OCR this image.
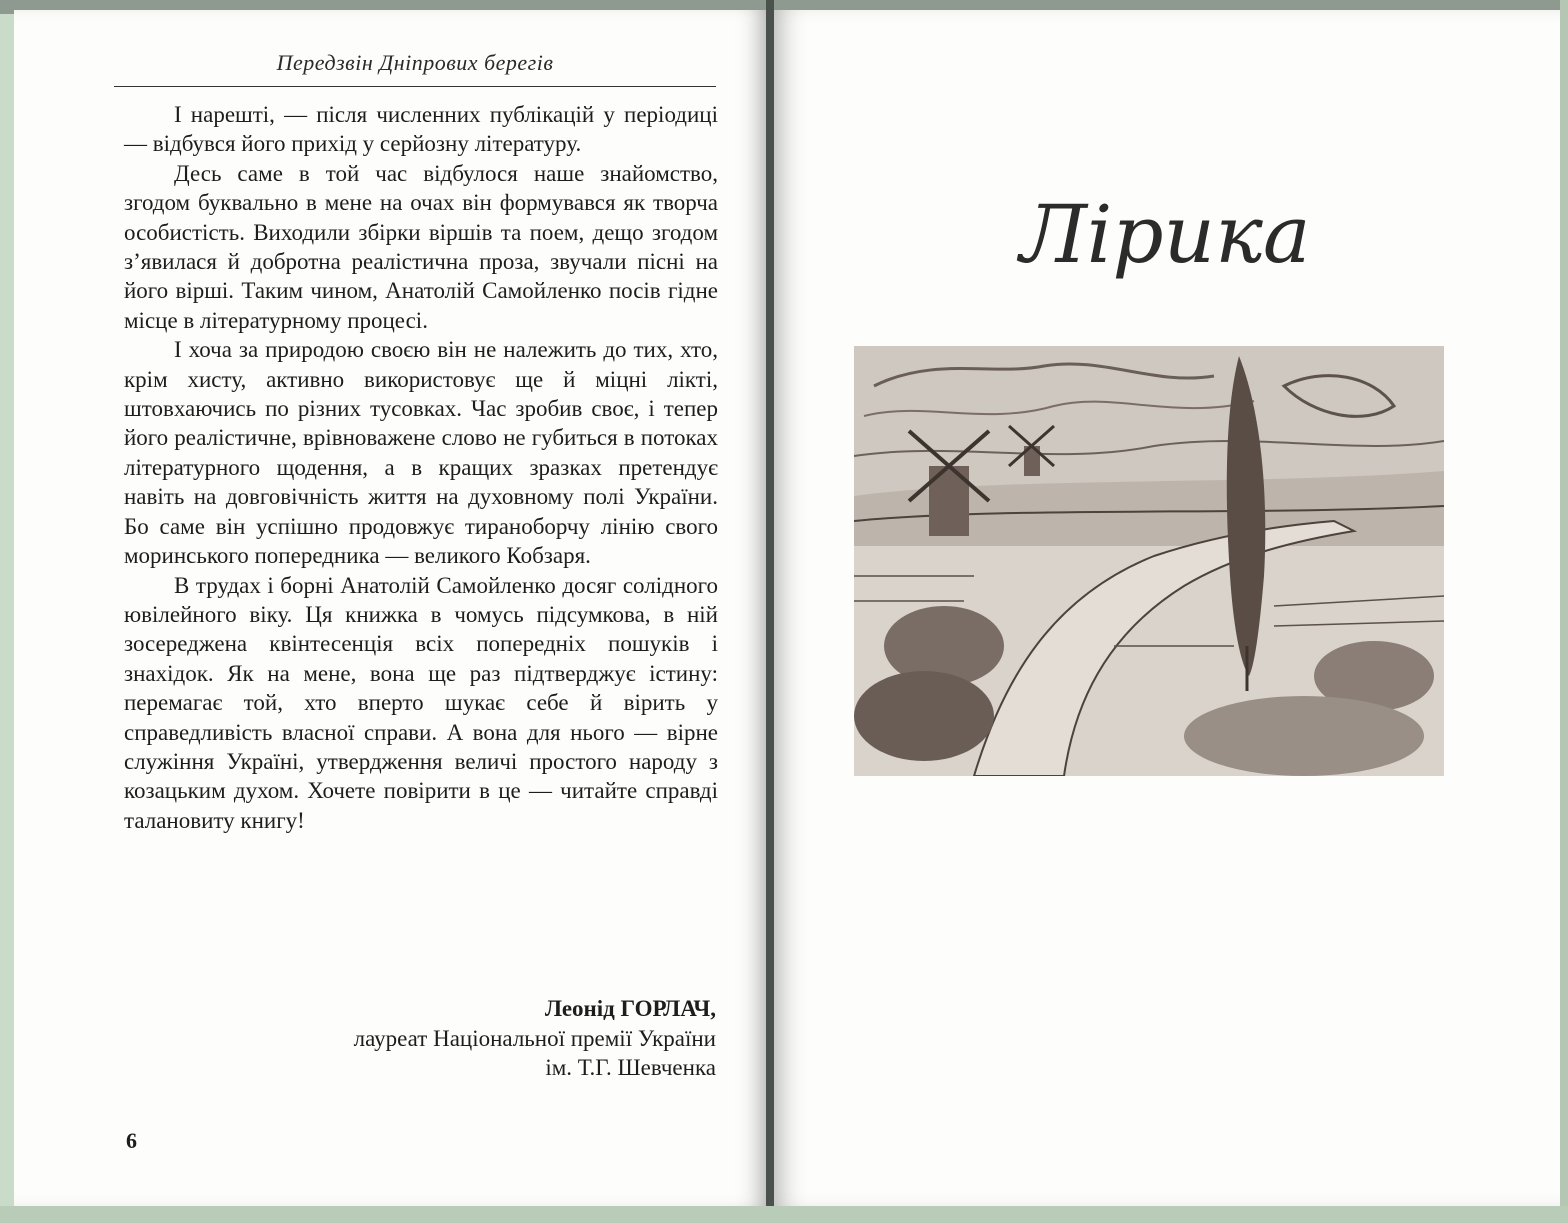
Передзвін Дніпрових берегів

І нарешті, — після численних публікацій у періодиці — відбувся його прихід у серйозну літературу.

Десь саме в той час відбулося наше знайомство, згодом буквально в мене на очах він формувався як творча особистість. Виходили збірки віршів та поем, дещо згодом з’явилася й добротна реалістична проза, звучали пісні на його вірші. Таким чином, Анатолій Самойленко посів гідне місце в літературному процесі.

І хоча за природою своєю він не належить до тих, хто, крім хисту, активно використовує ще й міцні лікті, штовхаючись по різних тусовках. Час зробив своє, і тепер його реалістичне, врівноважене слово не губиться в потоках літературного щодення, а в кращих зразках претендує навіть на довговічність життя на духовному полі України. Бо саме він успішно продовжує тираноборчу лінію свого моринського попередника — великого Кобзаря.

В трудах і борні Анатолій Самойленко досяг солідного ювілейного віку. Ця книжка в чомусь підсумкова, в ній зосереджена квінтесенція всіх попередніх пошуків і знахідок. Як на мене, вона ще раз підтверджує істину: перемагає той, хто вперто шукає себе й вірить у справедливість власної справи. А вона для нього — вірне служіння Україні, утвердження величі простого народу з козацьким духом. Хочете повірити в це — читайте справді талановиту книгу!

Леонід ГОРЛАЧ,
лауреат Національної премії України
ім. Т.Г. Шевченка
6
Лірика
